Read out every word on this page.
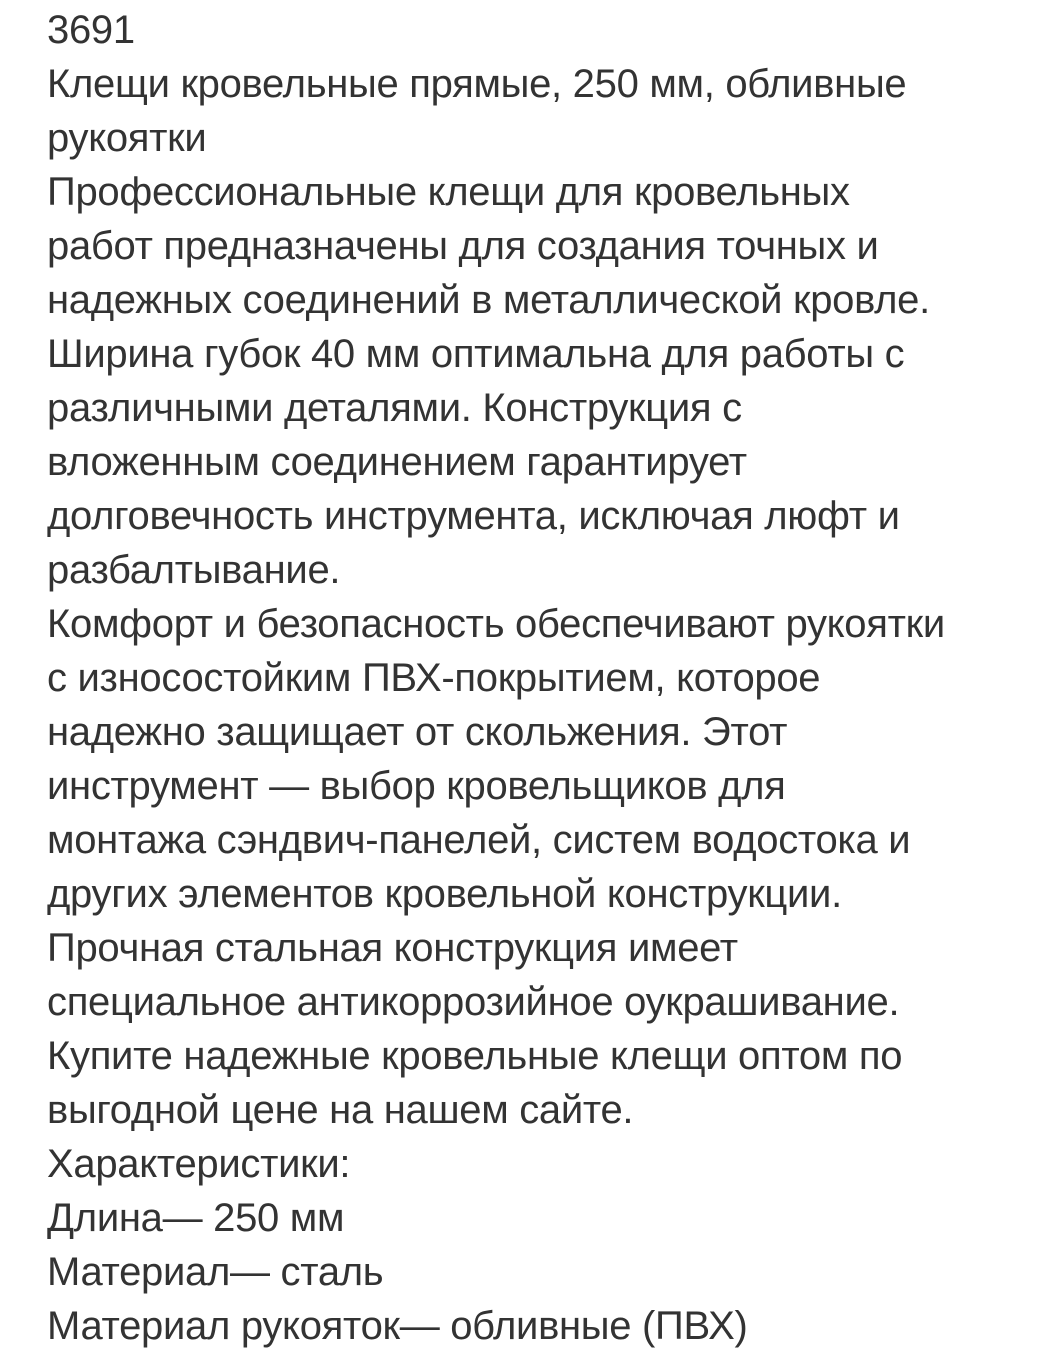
3691
Клещи кровельные прямые, 250 мм, обливные
рукоятки
Профессиональные клещи для кровельных
работ предназначены для создания точных и
надежных соединений в металлической кровле.
Ширина губок 40 мм оптимальна для работы с
различными деталями. Конструкция с
вложенным соединением гарантирует
долговечность инструмента, исключая люфт и
разбалтывание.
Комфорт и безопасность обеспечивают рукоятки
с износостойким ПВХ-покрытием, которое
надежно защищает от скольжения. Этот
инструмент — выбор кровельщиков для
монтажа сэндвич-панелей, систем водостока и
других элементов кровельной конструкции.
Прочная стальная конструкция имеет
специальное антикоррозийное оукрашивание.
Купите надежные кровельные клещи оптом по
выгодной цене на нашем сайте.
Характеристики:
Длина— 250 мм
Материал— сталь
Материал рукояток— обливные (ПВХ)
